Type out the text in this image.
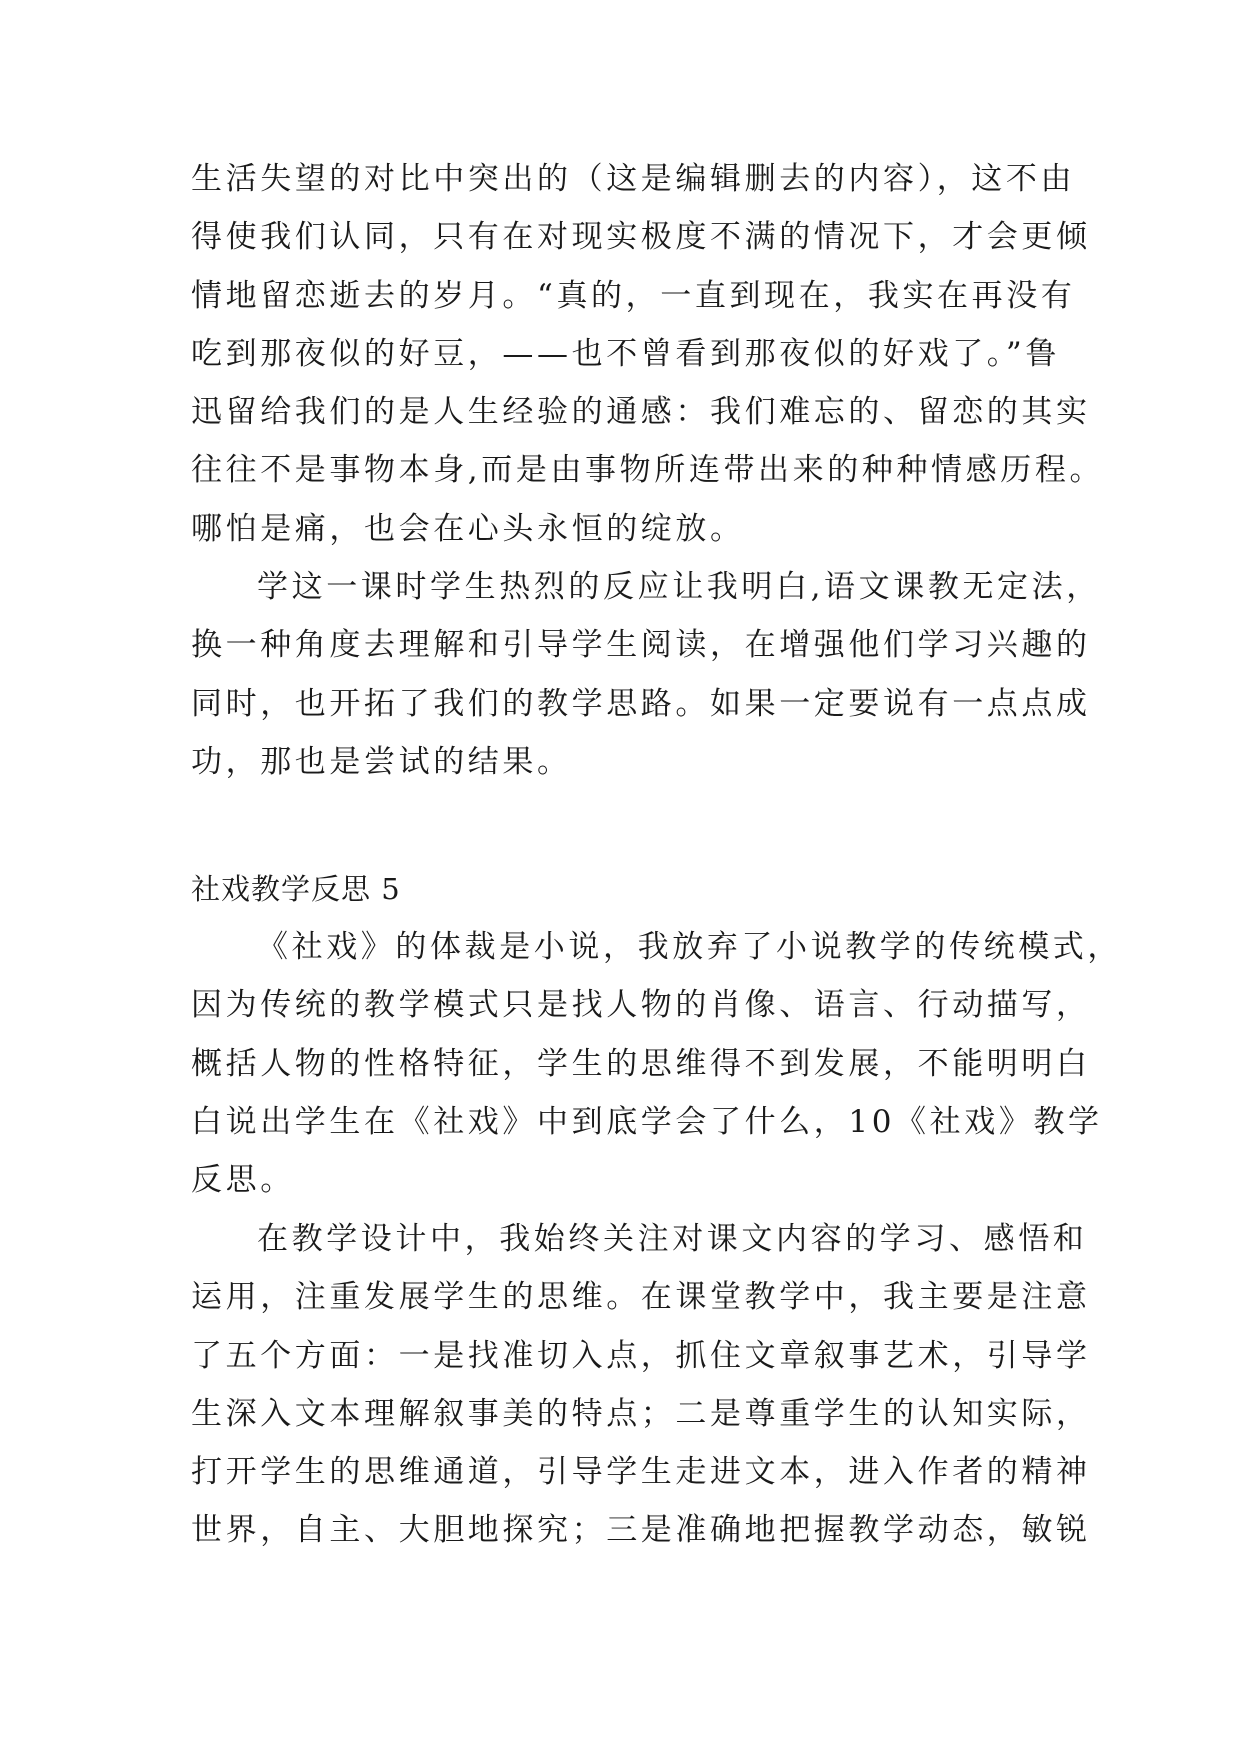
生活失望的对比中突出的（这是编辑删去的内容），这不由
得使我们认同，只有在对现实极度不满的情况下，才会更倾
情地留恋逝去的岁月。“真的，一直到现在，我实在再没有
吃到那夜似的好豆，——也不曾看到那夜似的好戏了。”鲁
迅留给我们的是人生经验的通感：我们难忘的、留恋的其实
往往不是事物本身,而是由事物所连带出来的种种情感历程。
哪怕是痛，也会在心头永恒的绽放。
学这一课时学生热烈的反应让我明白,语文课教无定法，
换一种角度去理解和引导学生阅读，在增强他们学习兴趣的
同时，也开拓了我们的教学思路。如果一定要说有一点点成
功，那也是尝试的结果。
社戏教学反思 5
《社戏》的体裁是小说，我放弃了小说教学的传统模式，
因为传统的教学模式只是找人物的肖像、语言、行动描写，
概括人物的性格特征，学生的思维得不到发展，不能明明白
白说出学生在《社戏》中到底学会了什么，10《社戏》教学
反思。
在教学设计中，我始终关注对课文内容的学习、感悟和
运用，注重发展学生的思维。在课堂教学中，我主要是注意
了五个方面：一是找准切入点，抓住文章叙事艺术，引导学
生深入文本理解叙事美的特点；二是尊重学生的认知实际，
打开学生的思维通道，引导学生走进文本，进入作者的精神
世界，自主、大胆地探究；三是准确地把握教学动态，敏锐
